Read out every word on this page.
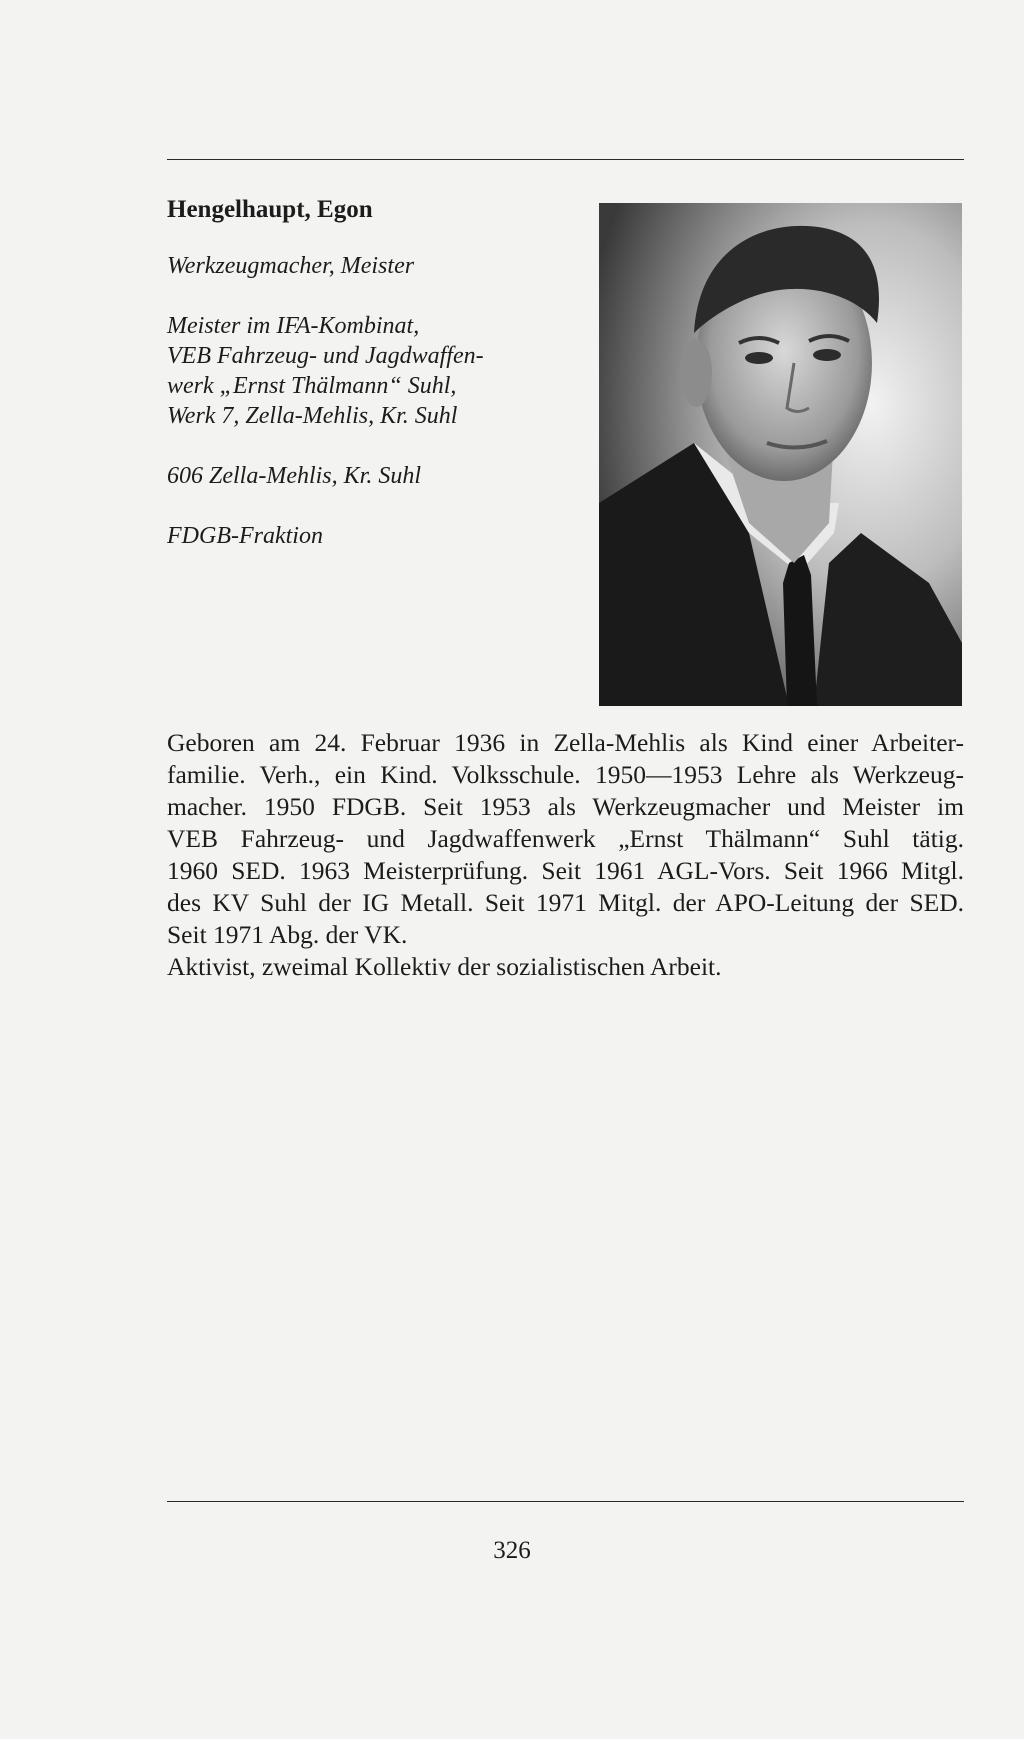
Hengelhaupt, Egon

Werkzeugmacher, Meister

Meister im IFA-Kombinat,

VEB Fahrzeug- und Jagdwaffen-

werk „Ernst Thälmann“ Suhl,

Werk 7, Zella-Mehlis, Kr. Suhl

606 Zella-Mehlis, Kr. Suhl

FDGB-Fraktion

Geboren am 24. Februar 1936 in Zella-Mehlis als Kind einer Arbeiter-
familie. Verh., ein Kind. Volksschule. 1950—1953 Lehre als Werkzeug-
macher. 1950 FDGB. Seit 1953 als Werkzeugmacher und Meister im
VEB Fahrzeug- und Jagdwaffenwerk „Ernst Thälmann“ Suhl tätig.
1960 SED. 1963 Meisterprüfung. Seit 1961 AGL-Vors. Seit 1966 Mitgl.
des KV Suhl der IG Metall. Seit 1971 Mitgl. der APO-Leitung der SED.
Seit 1971 Abg. der VK.

Aktivist, zweimal Kollektiv der sozialistischen Arbeit.

326
